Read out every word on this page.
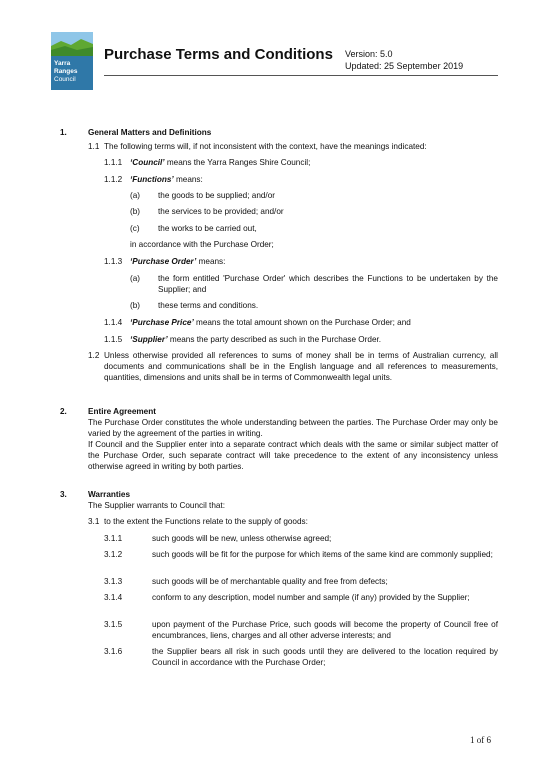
Yarra
Ranges
Council
Purchase Terms and Conditions Version: 5.0
Updated: 25 September 2019
1.	General Matters and Definitions
1.1 The following terms will, if not inconsistent with the context, have the meanings indicated:
1.1.1 ‘Council’ means the Yarra Ranges Shire Council;
1.1.2 ‘Functions’ means:
(a) the goods to be supplied; and/or
(b) the services to be provided; and/or
(c) the works to be carried out,
in accordance with the Purchase Order;
1.1.3 ‘Purchase Order’ means:
(a) the form entitled 'Purchase Order' which describes the Functions to be undertaken by the Supplier; and
(b) these terms and conditions.
1.1.4 ‘Purchase Price’ means the total amount shown on the Purchase Order; and
1.1.5 ‘Supplier’ means the party described as such in the Purchase Order.
1.2 Unless otherwise provided all references to sums of money shall be in terms of Australian currency, all documents and communications shall be in the English language and all references to measurements, quantities, dimensions and units shall be in terms of Commonwealth legal units.
2.	Entire Agreement
The Purchase Order constitutes the whole understanding between the parties. The Purchase Order may only be varied by the agreement of the parties in writing.
If Council and the Supplier enter into a separate contract which deals with the same or similar subject matter of the Purchase Order, such separate contract will take precedence to the extent of any inconsistency unless otherwise agreed in writing by both parties.
3.	Warranties
The Supplier warrants to Council that:
3.1 to the extent the Functions relate to the supply of goods:
3.1.1	such goods will be new, unless otherwise agreed;
3.1.2	such goods will be fit for the purpose for which items of the same kind are commonly supplied;
3.1.3	such goods will be of merchantable quality and free from defects;
3.1.4	conform to any description, model number and sample (if any) provided by the Supplier;
3.1.5	upon payment of the Purchase Price, such goods will become the property of Council free of encumbrances, liens, charges and all other adverse interests; and
3.1.6	the Supplier bears all risk in such goods until they are delivered to the location required by Council in accordance with the Purchase Order;
1 of 6
